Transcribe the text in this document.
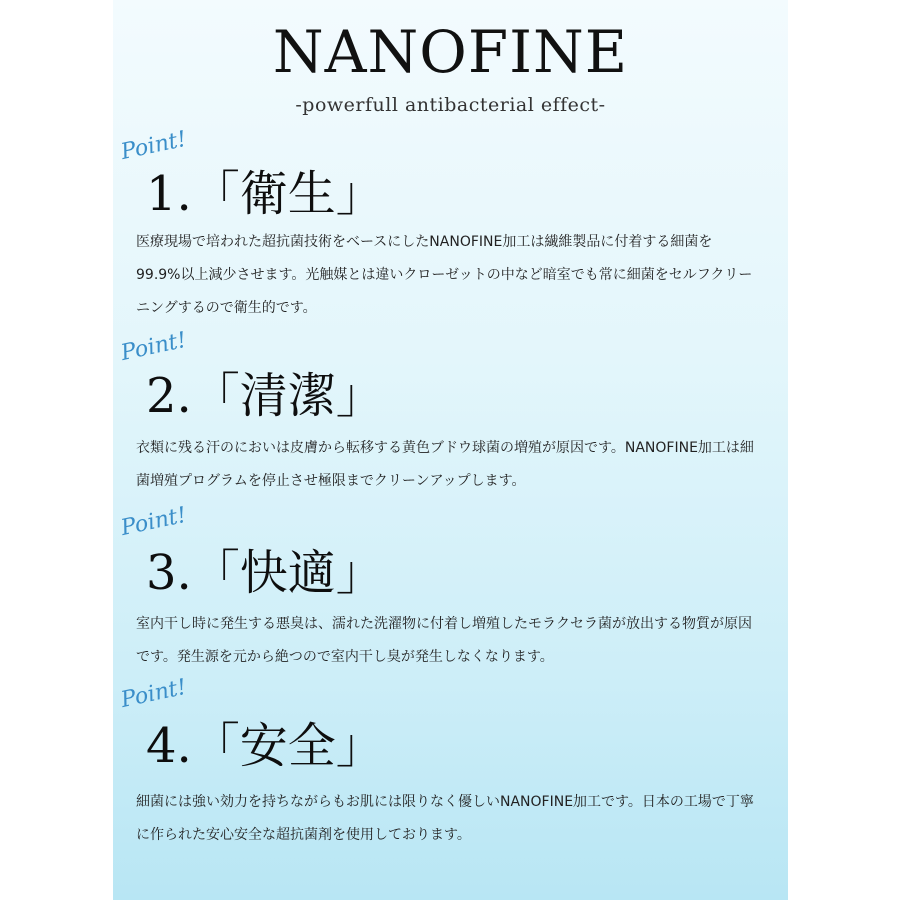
NANOFINE
-powerfull antibacterial effect-
Point!
1.「衛生」

医療現場で培われた超抗菌技術をベースにしたNANOFINE加工は繊維製品に付着する細菌を99.9%以上減少させます。光触媒とは違いクローゼットの中など暗室でも常に細菌をセルフクリーニングするので衛生的です。

Point!
2.「清潔」

衣類に残る汗のにおいは皮膚から転移する黄色ブドウ球菌の増殖が原因です。NANOFINE加工は細菌増殖プログラムを停止させ極限までクリーンアップします。

Point!
3.「快適」

室内干し時に発生する悪臭は、濡れた洗濯物に付着し増殖したモラクセラ菌が放出する物質が原因です。発生源を元から絶つので室内干し臭が発生しなくなります。

Point!
4.「安全」

細菌には強い効力を持ちながらもお肌には限りなく優しいNANOFINE加工です。日本の工場で丁寧に作られた安心安全な超抗菌剤を使用しております。
